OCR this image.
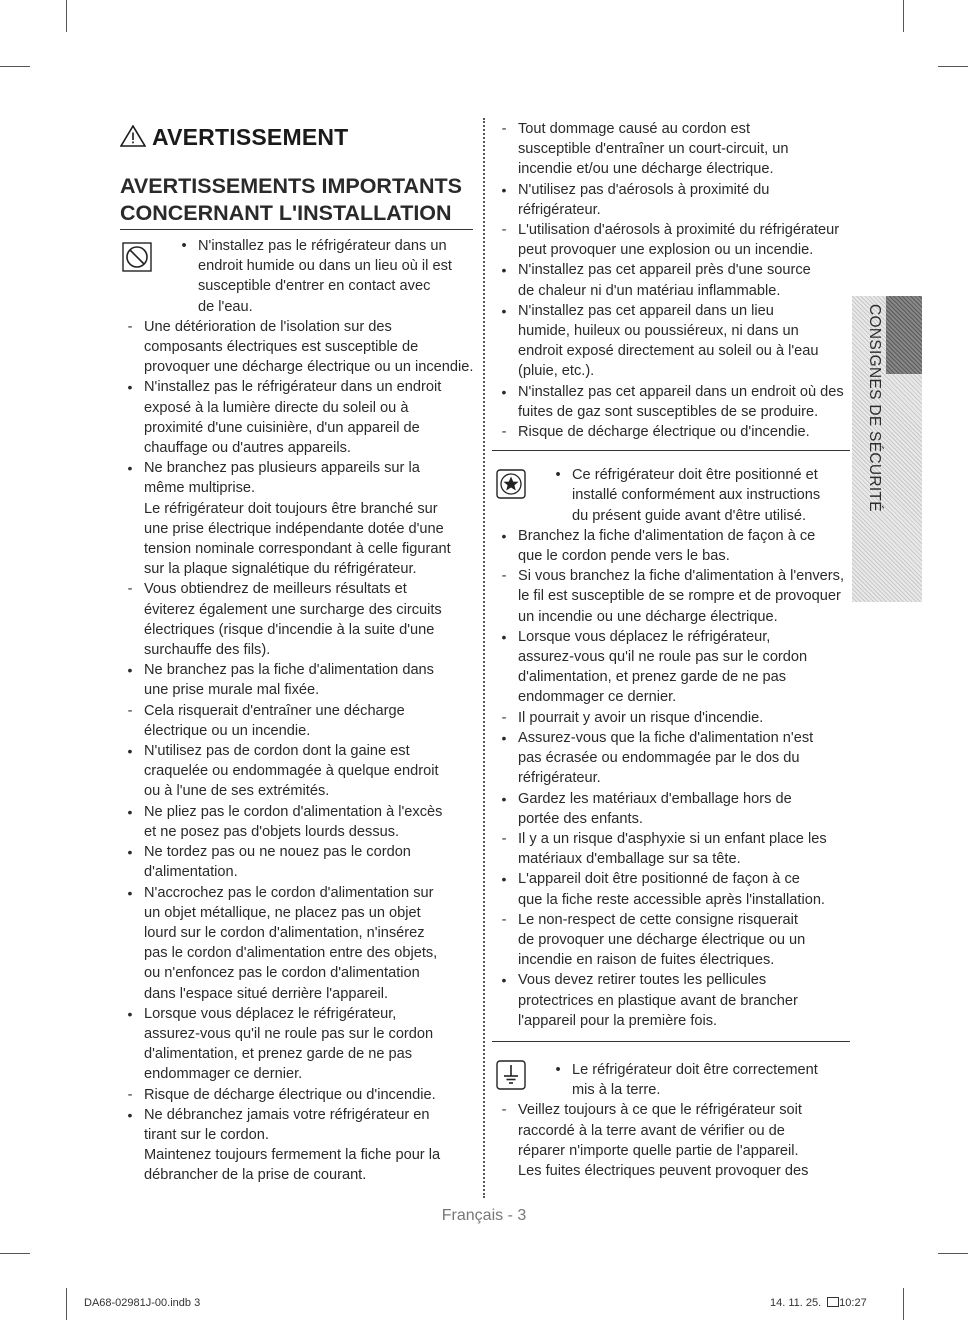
AVERTISSEMENT
AVERTISSEMENTS IMPORTANTS CONCERNANT L'INSTALLATION
• N'installez pas le réfrigérateur dans un
endroit humide ou dans un lieu où il est
susceptible d'entrer en contact avec
de l'eau.
- Une détérioration de l'isolation sur des
composants électriques est susceptible de
provoquer une décharge électrique ou un incendie.
• N'installez pas le réfrigérateur dans un endroit
exposé à la lumière directe du soleil ou à
proximité d'une cuisinière, d'un appareil de
chauffage ou d'autres appareils.
• Ne branchez pas plusieurs appareils sur la
même multiprise.
Le réfrigérateur doit toujours être branché sur
une prise électrique indépendante dotée d'une
tension nominale correspondant à celle figurant
sur la plaque signalétique du réfrigérateur.
- Vous obtiendrez de meilleurs résultats et
éviterez également une surcharge des circuits
électriques (risque d'incendie à la suite d'une
surchauffe des fils).
• Ne branchez pas la fiche d'alimentation dans
une prise murale mal fixée.
- Cela risquerait d'entraîner une décharge
électrique ou un incendie.
• N'utilisez pas de cordon dont la gaine est
craquelée ou endommagée à quelque endroit
ou à l'une de ses extrémités.
• Ne pliez pas le cordon d'alimentation à l'excès
et ne posez pas d'objets lourds dessus.
• Ne tordez pas ou ne nouez pas le cordon
d'alimentation.
• N'accrochez pas le cordon d'alimentation sur
un objet métallique, ne placez pas un objet
lourd sur le cordon d'alimentation, n'insérez
pas le cordon d'alimentation entre des objets,
ou n'enfoncez pas le cordon d'alimentation
dans l'espace situé derrière l'appareil.
• Lorsque vous déplacez le réfrigérateur,
assurez-vous qu'il ne roule pas sur le cordon
d'alimentation, et prenez garde de ne pas
endommager ce dernier.
- Risque de décharge électrique ou d'incendie.
• Ne débranchez jamais votre réfrigérateur en
tirant sur le cordon.
Maintenez toujours fermement la fiche pour la
débrancher de la prise de courant.
- Tout dommage causé au cordon est
susceptible d'entraîner un court-circuit, un
incendie et/ou une décharge électrique.
• N'utilisez pas d'aérosols à proximité du
réfrigérateur.
- L'utilisation d'aérosols à proximité du réfrigérateur
peut provoquer une explosion ou un incendie.
• N'installez pas cet appareil près d'une source
de chaleur ni d'un matériau inflammable.
• N'installez pas cet appareil dans un lieu
humide, huileux ou poussiéreux, ni dans un
endroit exposé directement au soleil ou à l'eau
(pluie, etc.).
• N'installez pas cet appareil dans un endroit où des
fuites de gaz sont susceptibles de se produire.
- Risque de décharge électrique ou d'incendie.
• Ce réfrigérateur doit être positionné et
installé conformément aux instructions
du présent guide avant d'être utilisé.
• Branchez la fiche d'alimentation de façon à ce
que le cordon pende vers le bas.
- Si vous branchez la fiche d'alimentation à l'envers,
le fil est susceptible de se rompre et de provoquer
un incendie ou une décharge électrique.
• Lorsque vous déplacez le réfrigérateur,
assurez-vous qu'il ne roule pas sur le cordon
d'alimentation, et prenez garde de ne pas
endommager ce dernier.
- Il pourrait y avoir un risque d'incendie.
• Assurez-vous que la fiche d'alimentation n'est
pas écrasée ou endommagée par le dos du
réfrigérateur.
• Gardez les matériaux d'emballage hors de
portée des enfants.
- Il y a un risque d'asphyxie si un enfant place les
matériaux d'emballage sur sa tête.
• L'appareil doit être positionné de façon à ce
que la fiche reste accessible après l'installation.
- Le non-respect de cette consigne risquerait
de provoquer une décharge électrique ou un
incendie en raison de fuites électriques.
• Vous devez retirer toutes les pellicules
protectrices en plastique avant de brancher
l'appareil pour la première fois.
• Le réfrigérateur doit être correctement
mis à la terre.
- Veillez toujours à ce que le réfrigérateur soit
raccordé à la terre avant de vérifier ou de
réparer n'importe quelle partie de l'appareil.
Les fuites électriques peuvent provoquer des
CONSIGNES DE SÉCURITÉ
Français - 3
DA68-02981J-00.indb 3	14. 11. 25. 10:27
